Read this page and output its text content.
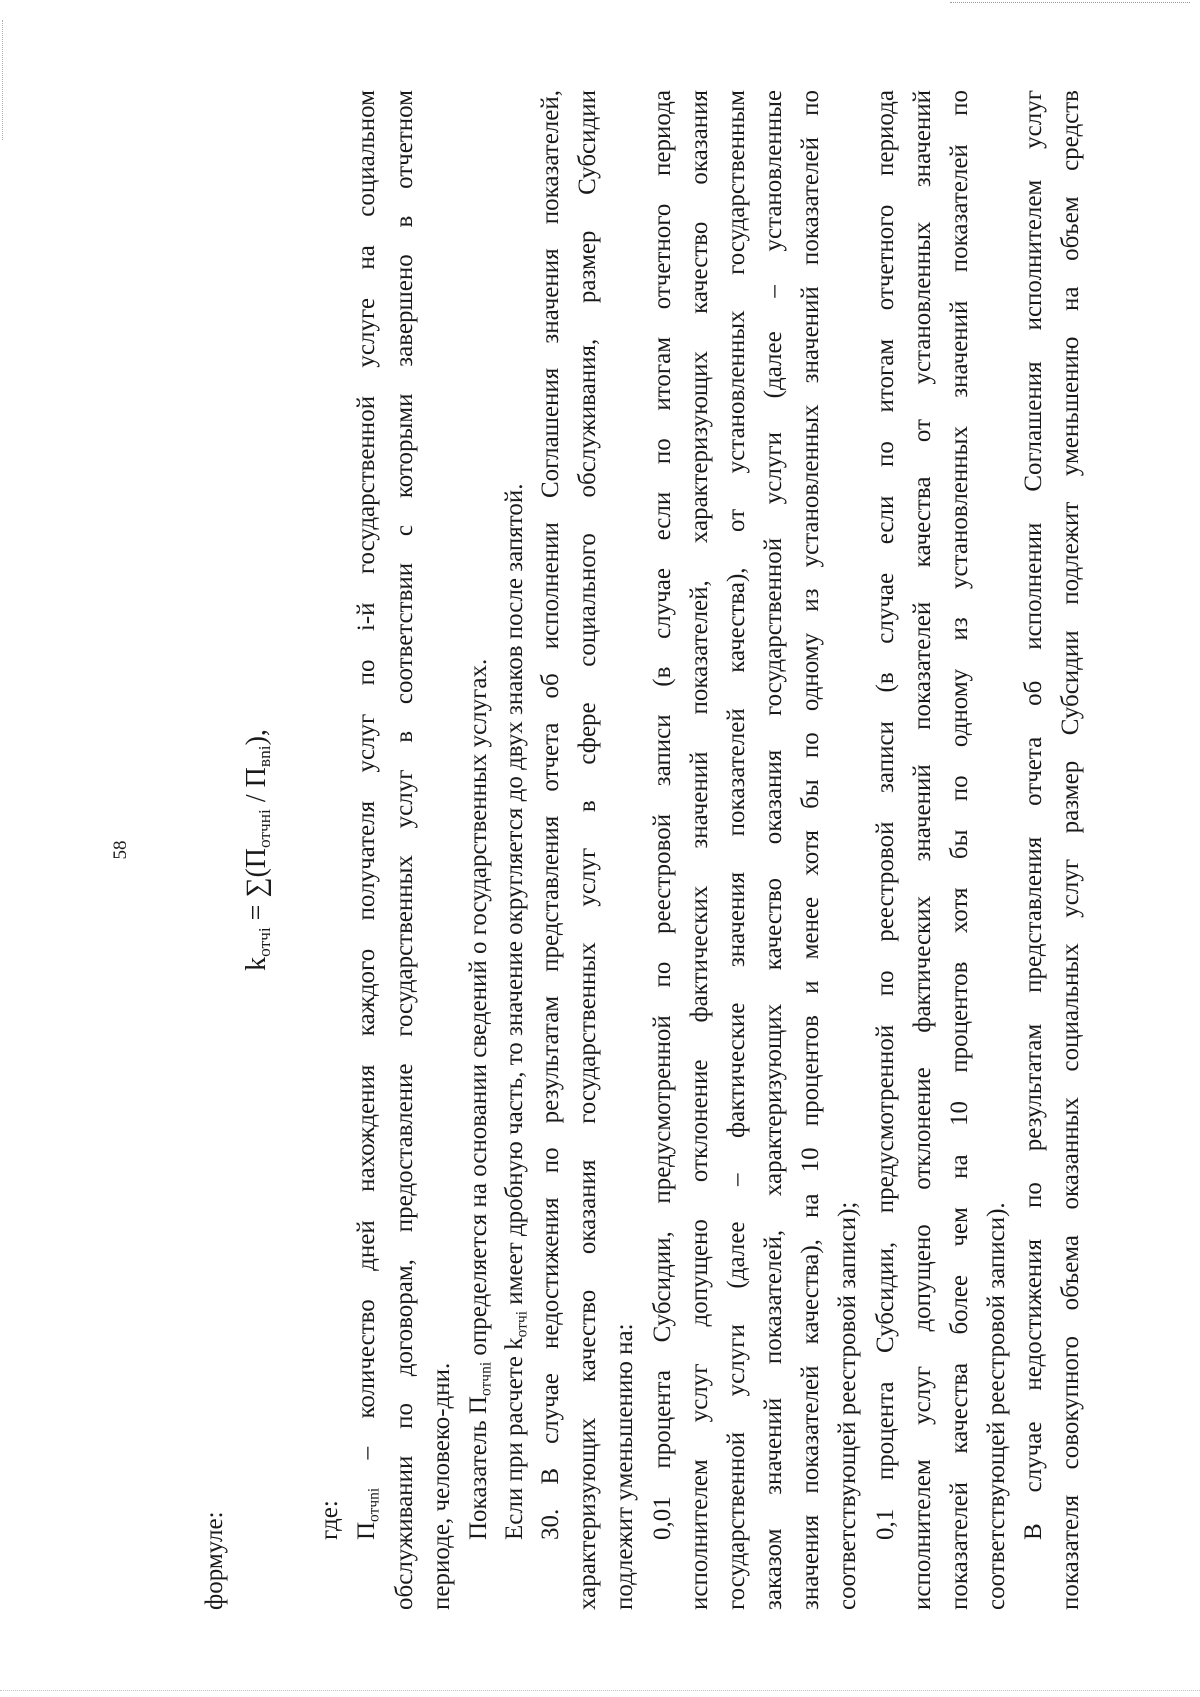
58
формуле:
$k_{отчi} = \sum(П_{отчнi} / П_{вni})$,
где: $П_{отчni}$ – количество дней нахождения каждого получателя услуг по i-й государственной услуге на социальном обслуживании по договорам, предоставление государственных услуг в соответствии с которыми завершено в отчетном периоде, человеко-дни. Показатель $П_{отчni}$ определяется на основании сведений о государственных услугах.
Если при расчете $k_{отчi}$ имеет дробную часть, то значение округляется до двух знаков после запятой. 30. В случае недостижения по результатам представления отчета об исполнении Соглашения значения показателей, характеризующих качество оказания государственных услуг в сфере социального обслуживания, размер Субсидии подлежит уменьшению на: 0,01 процента Субсидии, предусмотренной по реестровой записи (в случае если по итогам отчетного периода исполнителем услуг допущено отклонение фактических значений показателей, характеризующих качество оказания государственной услуги (далее – фактические значения показателей качества), от установленных государственным заказом значений показателей, характеризующих качество оказания государственной услуги (далее – установленные значения показателей качества), на 10 процентов и менее хотя бы по одному из установленных значений показателей по соответствующей реестровой записи); 0,1 процента Субсидии, предусмотренной по реестровой записи (в случае если по итогам отчетного периода исполнителем услуг допущено отклонение фактических значений показателей качества от установленных значений показателей качества более чем на 10 процентов хотя бы по одному из установленных значений показателей по соответствующей реестровой записи). В случае недостижения по результатам представления отчета об исполнении Соглашения исполнителем услуг показателя совокупного объема оказанных социальных услуг размер Субсидии подлежит уменьшению на объем средств
